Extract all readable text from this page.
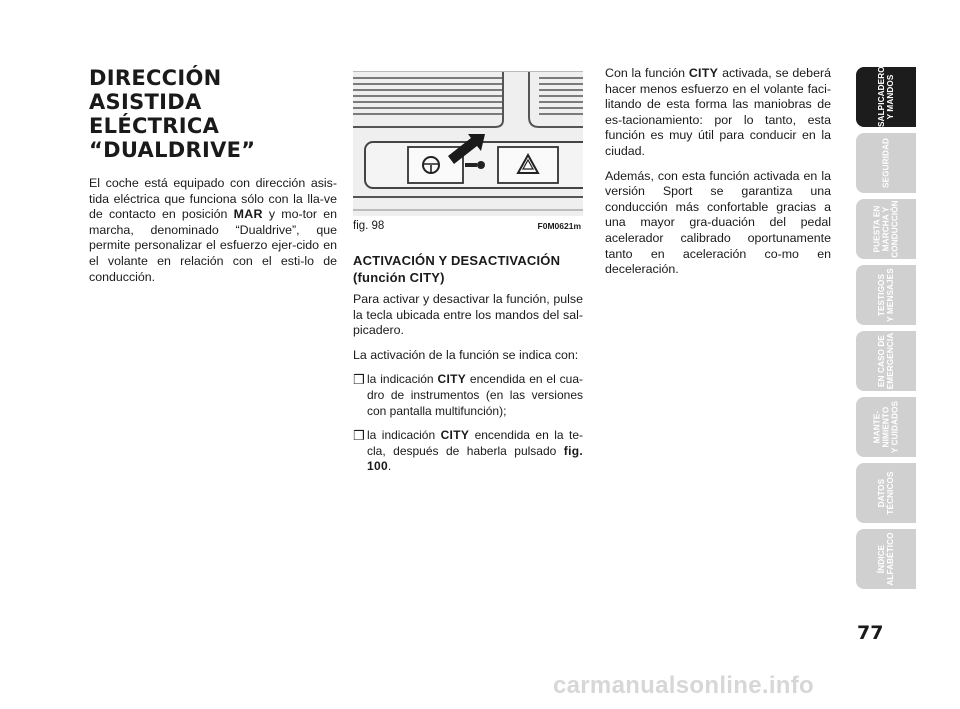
DIRECCIÓN ASISTIDA
ELÉCTRICA “DUALDRIVE”

El coche está equipado con dirección asis-tida eléctrica que funciona sólo con la lla-ve de contacto en posición MAR y mo-tor en marcha, denominado “Dualdrive”, que permite personalizar el esfuerzo ejer-cido en el volante en relación con el esti-lo de conducción.

fig. 98	F0M0621m
ACTIVACIÓN Y DESACTIVACIÓN
(función CITY)

Para activar y desactivar la función, pulse la tecla ubicada entre los mandos del sal-picadero.

La activación de la función se indica con:

❒ la indicación CITY encendida en el cua-dro de instrumentos (en las versiones con pantalla multifunción);
❒ la indicación CITY encendida en la te-cla, después de haberla pulsado fig. 100.

Con la función CITY activada, se deberá hacer menos esfuerzo en el volante faci-litando de esta forma las maniobras de es-tacionamiento: por lo tanto, esta función es muy útil para conducir en la ciudad.

Además, con esta función activada en la versión Sport se garantiza una conducción más confortable gracias a una mayor gra-duación del pedal acelerador calibrado oportunamente tanto en aceleración co-mo en deceleración.

SALPICADERO
Y MANDOS
SEGURIDAD
PUESTA EN
MARCHA Y
CONDUCCIÓN
TESTIGOS
Y MENSAJES
EN CASO DE
EMERGENCIA
MANTE-
NIMIENTO
Y CUIDADOS
DATOS
TÉCNICOS
ÍNDICE
ALFABÉTICO
77
carmanualsonline.info
